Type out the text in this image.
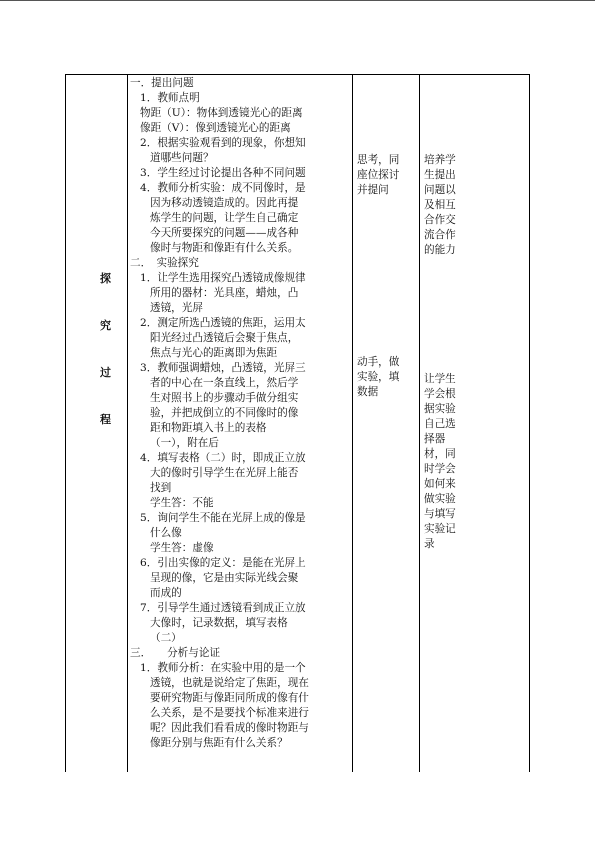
探
究
过
程
一．提出问题
1．教师点明
物距（U）：物体到透镜光心的距离
像距（V）：像到透镜光心的距离
2．根据实验观看到的现象，你想知
道哪些问题？
3．学生经过讨论提出各种不同问题
4．教师分析实验：成不同像时，是
因为移动透镜造成的。因此再提
炼学生的问题，让学生自己确定
今天所要探究的问题——成各种
像时与物距和像距有什么关系。
二．　实验探究
1．让学生选用探究凸透镜成像规律
所用的器材：光具座，蜡烛，凸
透镜，光屏
2．测定所选凸透镜的焦距，运用太
阳光经过凸透镜后会聚于焦点，
焦点与光心的距离即为焦距
3．教师强调蜡烛，凸透镜，光屏三
者的中心在一条直线上，然后学
生对照书上的步骤动手做分组实
验，并把成倒立的不同像时的像
距和物距填入书上的表格
（一），附在后
4．填写表格（二）时，即成正立放
大的像时引导学生在光屏上能否
找到
学生答：不能
5．询问学生不能在光屏上成的像是
什么像
学生答：虚像
6．引出实像的定义：是能在光屏上
呈现的像，它是由实际光线会聚
而成的
7．引导学生通过透镜看到成正立放
大像时，记录数据，填写表格
（二）
三．　　分析与论证
1．教师分析：在实验中用的是一个
透镜，也就是说给定了焦距，现在
要研究物距与像距同所成的像有什
么关系，是不是要找个标准来进行
呢？因此我们看看成的像时物距与
像距分别与焦距有什么关系？
思考，同
座位探讨
并提问
动手，做
实验，填
数据
培养学
生提出
问题以
及相互
合作交
流合作
的能力
让学生
学会根
据实验
自己选
择器
材，同
时学会
如何来
做实验
与填写
实验记
录
